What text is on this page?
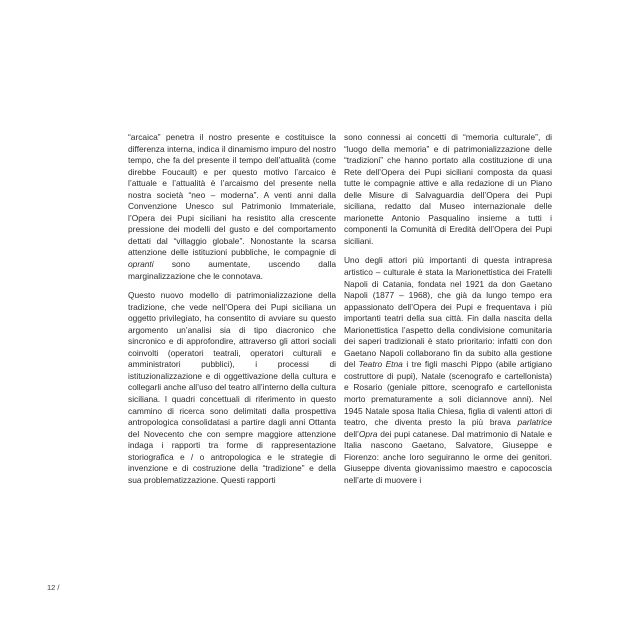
“arcaica” penetra il nostro presente e costituisce la differenza interna, indica il dinamismo impuro del nostro tempo, che fa del presente il tempo dell’attualità (come direbbe Foucault) e per questo motivo l’arcaico è l’attuale e l’attualità è l’arcaismo del presente nella nostra società “neo – moderna”. A venti anni dalla Convenzione Unesco sul Patrimonio Immateriale, l’Opera dei Pupi siciliani ha resistito alla crescente pressione dei modelli del gusto e del comportamento dettati dal “villaggio globale”. Nonostante la scarsa attenzione delle istituzioni pubbliche, le compagnie di opranti sono aumentate, uscendo dalla marginalizzazione che le connotava.

Questo nuovo modello di patrimonializzazione della tradizione, che vede nell’Opera dei Pupi siciliana un oggetto privilegiato, ha consentito di avviare su questo argomento un’analisi sia di tipo diacronico che sincronico e di approfondire, attraverso gli attori sociali coinvolti (operatori teatrali, operatori culturali e amministratori pubblici), i processi di istituzionalizzazione e di oggettivazione della cultura e collegarli anche all’uso del teatro all’interno della cultura siciliana. I quadri concettuali di riferimento in questo cammino di ricerca sono delimitati dalla prospettiva antropologica consolidatasi a partire dagli anni Ottanta del Novecento che con sempre maggiore attenzione indaga i rapporti tra forme di rappresentazione storiografica e / o antropologica e le strategie di invenzione e di costruzione della “tradizione” e della sua problematizzazione. Questi rapporti

sono connessi ai concetti di “memoria culturale”, di “luogo della memoria” e di patrimonializzazione delle “tradizioni” che hanno portato alla costituzione di una Rete dell’Opera dei Pupi siciliani composta da quasi tutte le compagnie attive e alla redazione di un Piano delle Misure di Salvaguardia dell’Opera dei Pupi siciliana, redatto dal Museo internazionale delle marionette Antonio Pasqualino insieme a tutti i componenti la Comunità di Eredità dell’Opera dei Pupi siciliani.

Uno degli attori più importanti di questa intrapresa artistico – culturale è stata la Marionettistica dei Fratelli Napoli di Catania, fondata nel 1921 da don Gaetano Napoli (1877 – 1968), che già da lungo tempo era appassionato dell’Opera dei Pupi e frequentava i più importanti teatri della sua città. Fin dalla nascita della Marionettistica l’aspetto della condivisione comunitaria dei saperi tradizionali è stato prioritario: infatti con don Gaetano Napoli collaborano fin da subito alla gestione del Teatro Etna i tre figli maschi Pippo (abile artigiano costruttore di pupi), Natale (scenografo e cartellonista) e Rosario (geniale pittore, scenografo e cartellonista morto prematuramente a soli diciannove anni). Nel 1945 Natale sposa Italia Chiesa, figlia di valenti attori di teatro, che diventa presto la più brava parlatrice dell’Opra dei pupi catanese. Dal matrimonio di Natale e Italia nascono Gaetano, Salvatore, Giuseppe e Fiorenzo: anche loro seguiranno le orme dei genitori. Giuseppe diventa giovanissimo maestro e capocoscia nell’arte di muovere i

12 /
